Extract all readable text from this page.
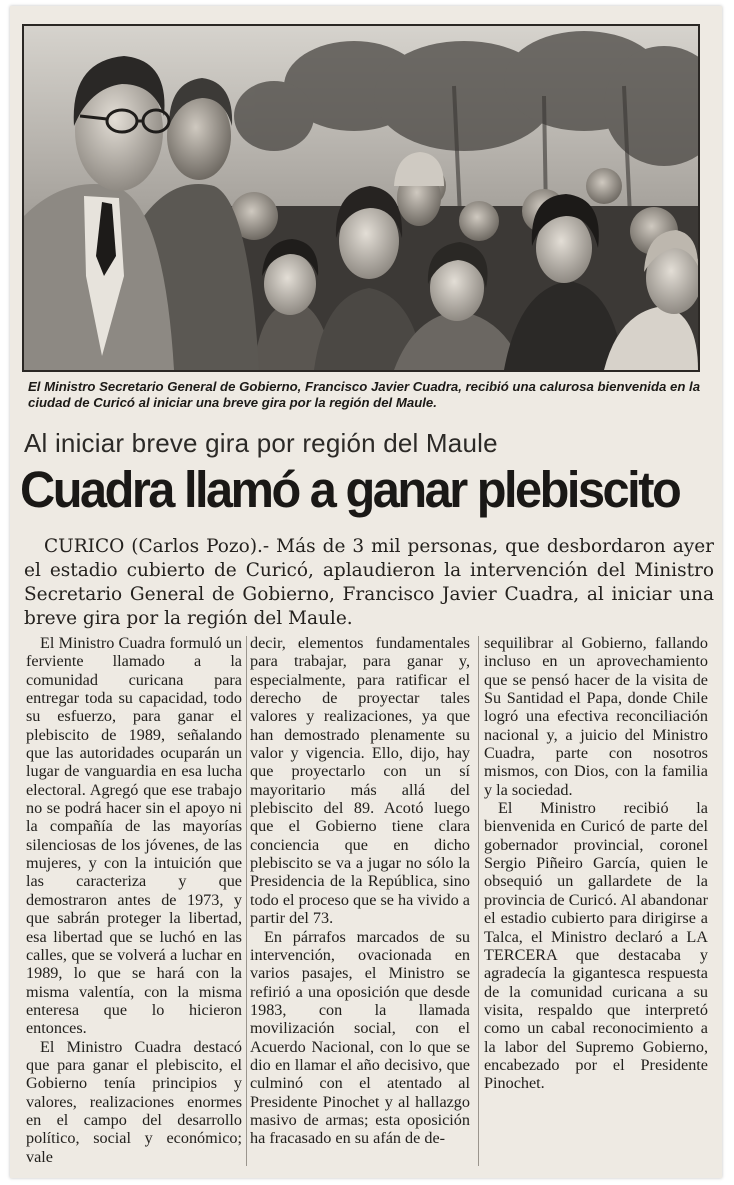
El Ministro Secretario General de Gobierno, Francisco Javier Cuadra, recibió una calurosa bienvenida en la ciudad de Curicó al iniciar una breve gira por la región del Maule.

Al iniciar breve gira por región del Maule
Cuadra llamó a ganar plebiscito

CURICO (Carlos Pozo).- Más de 3 mil personas, que desbordaron ayer el estadio cubierto de Curicó, aplaudieron la intervención del Ministro Secretario General de Gobierno, Francisco Javier Cuadra, al iniciar una breve gira por la región del Maule.

El Ministro Cuadra formuló un ferviente llamado a la comunidad curicana para entregar toda su capacidad, todo su esfuerzo, para ganar el plebiscito de 1989, señalando que las autoridades ocuparán un lugar de vanguardia en esa lucha electoral. Agregó que ese trabajo no se podrá hacer sin el apoyo ni la compañía de las mayorías silenciosas de los jóvenes, de las mujeres, y con la intuición que las caracteriza y que demostraron antes de 1973, y que sabrán proteger la libertad, esa libertad que se luchó en las calles, que se volverá a luchar en 1989, lo que se hará con la misma valentía, con la misma enteresa que lo hicieron entonces.

El Ministro Cuadra destacó que para ganar el plebiscito, el Gobierno tenía principios y valores, realizaciones enormes en el campo del desarrollo político, social y económico; vale

decir, elementos fundamentales para trabajar, para ganar y, especialmente, para ratificar el derecho de proyectar tales valores y realizaciones, ya que han demostrado plenamente su valor y vigencia. Ello, dijo, hay que proyectarlo con un sí mayoritario más allá del plebiscito del 89. Acotó luego que el Gobierno tiene clara conciencia que en dicho plebiscito se va a jugar no sólo la Presidencia de la República, sino todo el proceso que se ha vivido a partir del 73.

En párrafos marcados de su intervención, ovacionada en varios pasajes, el Ministro se refirió a una oposición que desde 1983, con la llamada movilización social, con el Acuerdo Nacional, con lo que se dio en llamar el año decisivo, que culminó con el atentado al Presidente Pinochet y al hallazgo masivo de armas; esta oposición ha fracasado en su afán de de-

sequilibrar al Gobierno, fallando incluso en un aprovechamiento que se pensó hacer de la visita de Su Santidad el Papa, donde Chile logró una efectiva reconciliación nacional y, a juicio del Ministro Cuadra, parte con nosotros mismos, con Dios, con la familia y la sociedad.

El Ministro recibió la bienvenida en Curicó de parte del gobernador provincial, coronel Sergio Piñeiro García, quien le obsequió un gallardete de la provincia de Curicó. Al abandonar el estadio cubierto para dirigirse a Talca, el Ministro declaró a LA TERCERA que destacaba y agradecía la gigantesca respuesta de la comunidad curicana a su visita, respaldo que interpretó como un cabal reconocimiento a la labor del Supremo Gobierno, encabezado por el Presidente Pinochet.
